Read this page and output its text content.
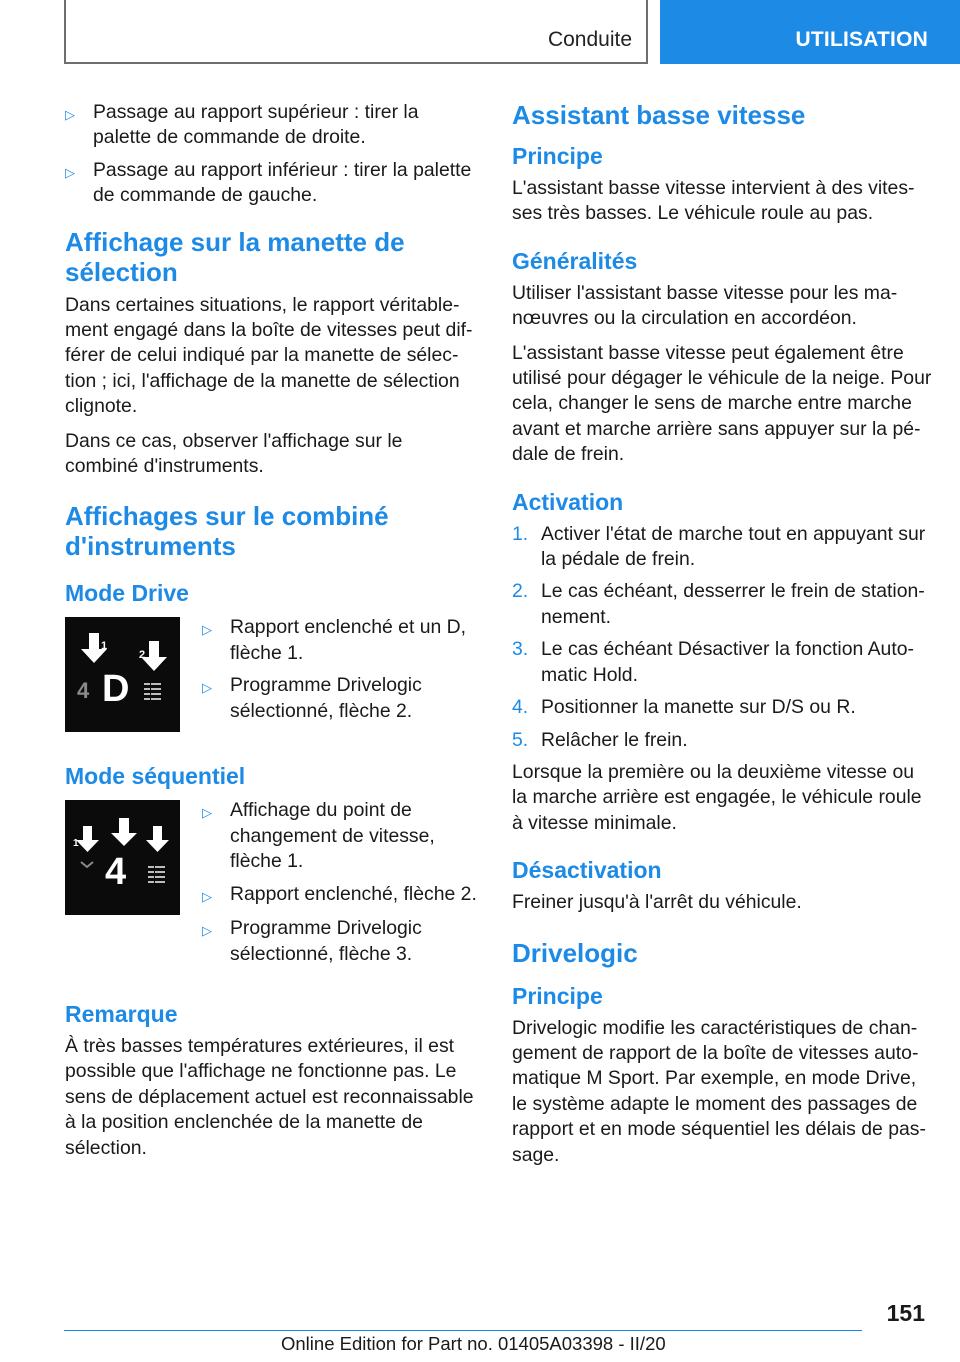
Conduite	UTILISATION
▷ Passage au rapport supérieur : tirer la palette de commande de droite.
▷ Passage au rapport inférieur : tirer la palette de commande de gauche.
Affichage sur la manette de sélection

Dans certaines situations, le rapport véritablement engagé dans la boîte de vitesses peut différer de celui indiqué par la manette de sélection ; ici, l'affichage de la manette de sélection clignote.

Dans ce cas, observer l'affichage sur le combiné d'instruments.

Affichages sur le combiné d'instruments
Mode Drive
1
2
4 D
▷ Rapport enclenché et un D, flèche 1.
▷ Programme Drivelogic sélectionné, flèche 2.
Mode séquentiel
1
2
3
4
▷ Affichage du point de changement de vitesse, flèche 1.
▷ Rapport enclenché, flèche 2.
▷ Programme Drivelogic sélectionné, flèche 3.
Remarque

À très basses températures extérieures, il est possible que l'affichage ne fonctionne pas. Le sens de déplacement actuel est reconnaissable à la position enclenchée de la manette de sélection.

Assistant basse vitesse
Principe

L'assistant basse vitesse intervient à des vitesses très basses. Le véhicule roule au pas.

Généralités

Utiliser l'assistant basse vitesse pour les manœuvres ou la circulation en accordéon.

L'assistant basse vitesse peut également être utilisé pour dégager le véhicule de la neige. Pour cela, changer le sens de marche entre marche avant et marche arrière sans appuyer sur la pédale de frein.

Activation
1. Activer l'état de marche tout en appuyant sur la pédale de frein.
2. Le cas échéant, desserrer le frein de stationnement.
3. Le cas échéant Désactiver la fonction Automatic Hold.
4. Positionner la manette sur D/S ou R.
5. Relâcher le frein.

Lorsque la première ou la deuxième vitesse ou la marche arrière est engagée, le véhicule roule à vitesse minimale.

Désactivation

Freiner jusqu'à l'arrêt du véhicule.

Drivelogic
Principe

Drivelogic modifie les caractéristiques de changement de rapport de la boîte de vitesses automatique M Sport. Par exemple, en mode Drive, le système adapte le moment des passages de rapport et en mode séquentiel les délais de passage.

151
Online Edition for Part no. 01405A03398 - II/20
